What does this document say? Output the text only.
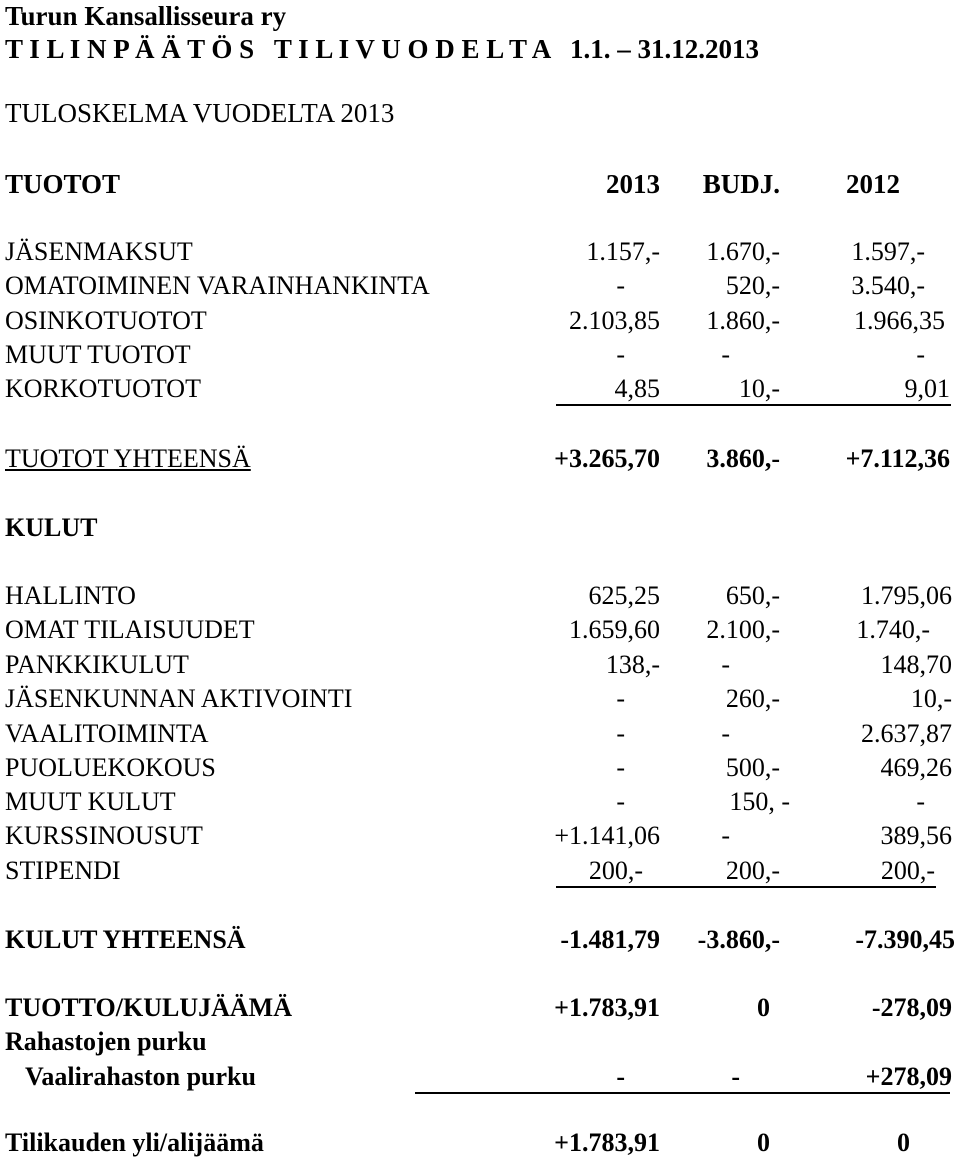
Turun Kansallisseura ry
T I L I N P Ä Ä T Ö S   T I L I V U O D E L T A   1.1. – 31.12.2013
TULOSKELMA VUODELTA 2013
TUOTOT	2013	BUDJ.	2012
JÄSENMAKSUT	1.157,-	1.670,-	1.597,-
OMATOIMINEN VARAINHANKINTA	-	520,-	3.540,-
OSINKOTUOTOT	2.103,85	1.860,-	1.966,35
MUUT TUOTOT	-	-	-
KORKOTUOTOT	4,85	10,-	9,01
TUOTOT YHTEENSÄ	+3.265,70	3.860,-	+7.112,36
KULUT
HALLINTO	625,25	650,-	1.795,06
OMAT TILAISUUDET	1.659,60	2.100,-	1.740,-
PANKKIKULUT	138,-	-	148,70
JÄSENKUNNAN AKTIVOINTI	-	260,-	10,-
VAALITOIMINTA	-	-	2.637,87
PUOLUEKOKOUS	-	500,-	469,26
MUUT KULUT	-	150, -	-
KURSSINOUSUT	+1.141,06	-	389,56
STIPENDI	200,-	200,-	200,-
KULUT YHTEENSÄ	-1.481,79	-3.860,-	-7.390,45
TUOTTO/KULUJÄÄMÄ	+1.783,91	0	-278,09
Rahastojen purku
Vaalirahaston purku	-	-	+278,09
Tilikauden yli/alijäämä	+1.783,91	0	0
